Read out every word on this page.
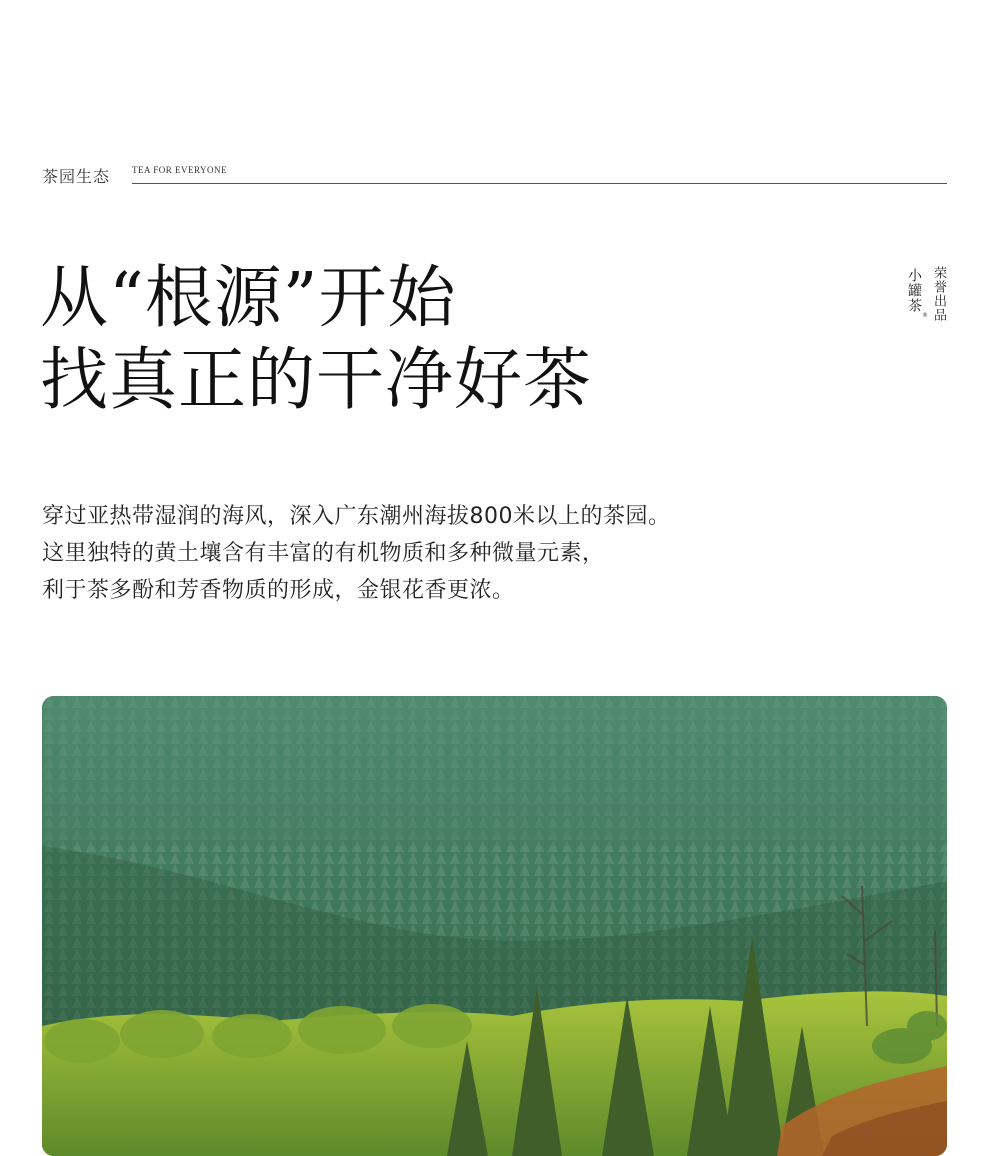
茶园生态 TEA FOR EVERYONE
从“根源”开始
找真正的干净好茶
荣誉出品
小罐茶
®

穿过亚热带湿润的海风，深入广东潮州海拔800米以上的茶园。

这里独特的黄土壤含有丰富的有机物质和多种微量元素，

利于茶多酚和芳香物质的形成，金银花香更浓。
